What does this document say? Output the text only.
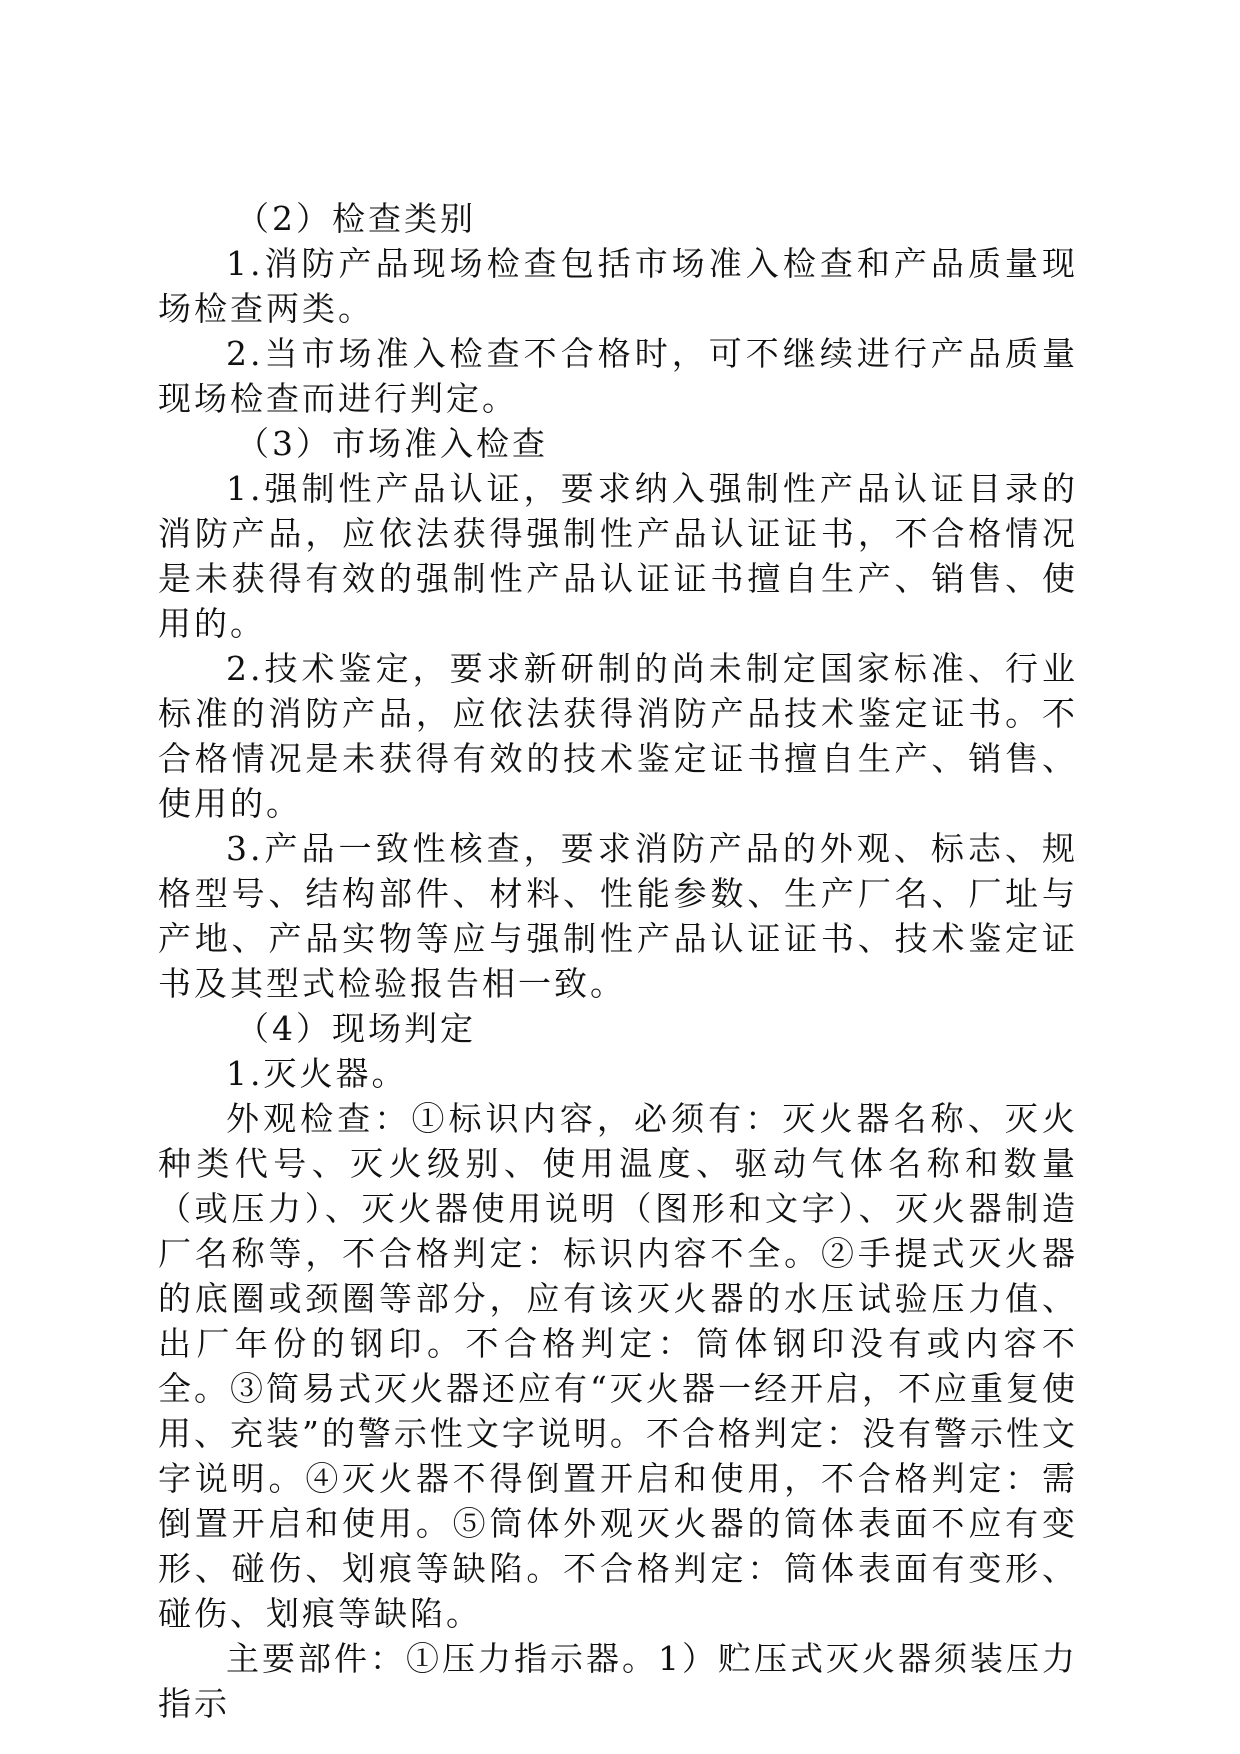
（2）检查类别

1.消防产品现场检查包括市场准入检查和产品质量现场检查两类。

2.当市场准入检查不合格时，可不继续进行产品质量现场检查而进行判定。

（3）市场准入检查

1.强制性产品认证，要求纳入强制性产品认证目录的消防产品，应依法获得强制性产品认证证书，不合格情况是未获得有效的强制性产品认证证书擅自生产、销售、使用的。

2.技术鉴定，要求新研制的尚未制定国家标准、行业标准的消防产品，应依法获得消防产品技术鉴定证书。不合格情况是未获得有效的技术鉴定证书擅自生产、销售、使用的。

3.产品一致性核查，要求消防产品的外观、标志、规格型号、结构部件、材料、性能参数、生产厂名、厂址与产地、产品实物等应与强制性产品认证证书、技术鉴定证书及其型式检验报告相一致。

（4）现场判定

1.灭火器。

外观检查：①标识内容，必须有：灭火器名称、灭火种类代号、灭火级别、使用温度、驱动气体名称和数量（或压力）、灭火器使用说明（图形和文字）、灭火器制造厂名称等，不合格判定：标识内容不全。②手提式灭火器的底圈或颈圈等部分，应有该灭火器的水压试验压力值、出厂年份的钢印。不合格判定：筒体钢印没有或内容不全。③简易式灭火器还应有“灭火器一经开启，不应重复使用、充装”的警示性文字说明。不合格判定：没有警示性文字说明。④灭火器不得倒置开启和使用，不合格判定：需倒置开启和使用。⑤筒体外观灭火器的筒体表面不应有变形、碰伤、划痕等缺陷。不合格判定：筒体表面有变形、碰伤、划痕等缺陷。

主要部件：①压力指示器。1）贮压式灭火器须装压力指示
